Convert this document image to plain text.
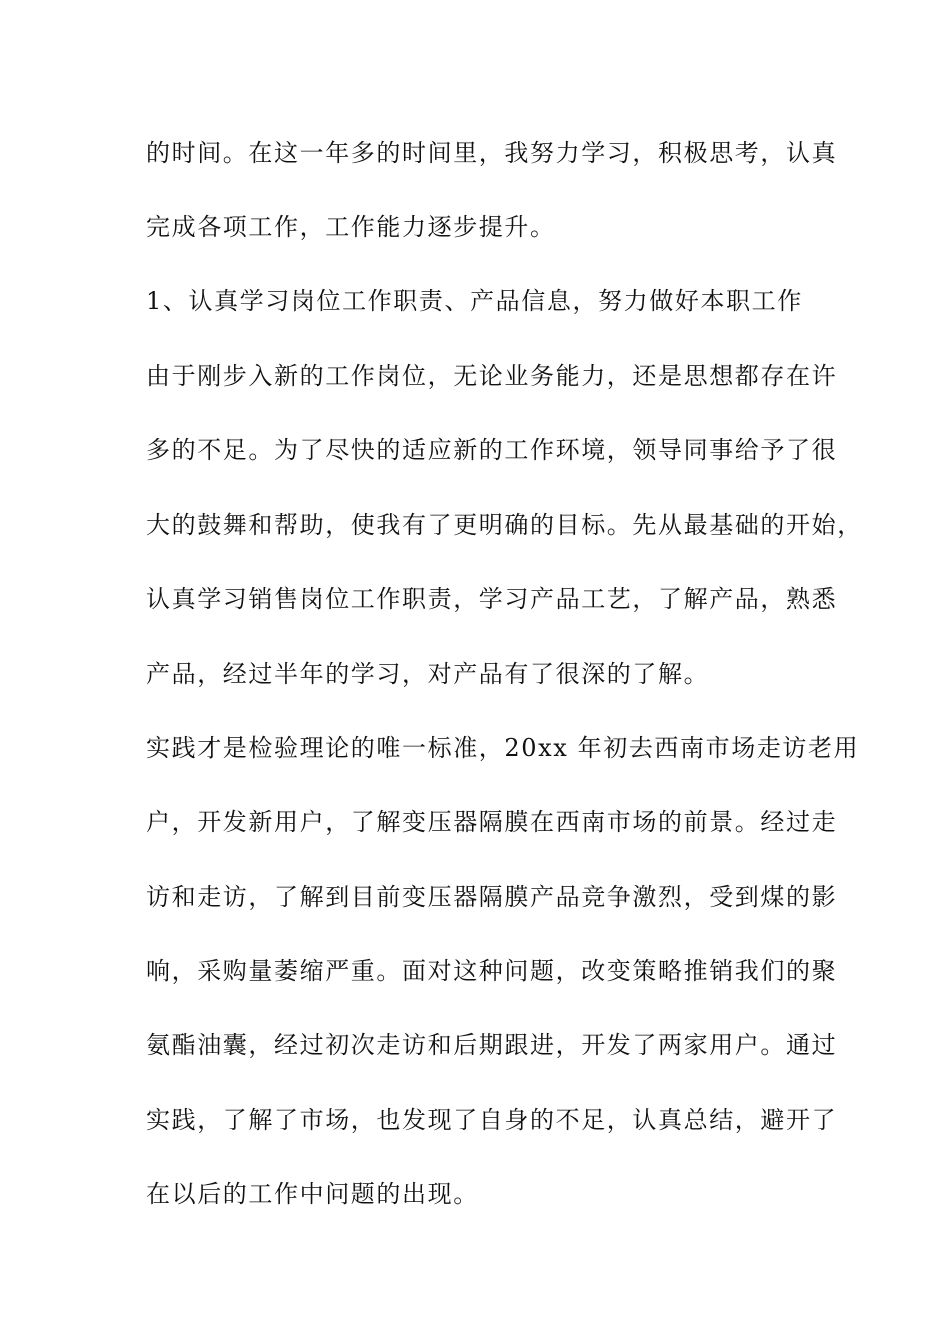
的时间。在这一年多的时间里，我努力学习，积极思考，认真
完成各项工作，工作能力逐步提升。
1、认真学习岗位工作职责、产品信息，努力做好本职工作
由于刚步入新的工作岗位，无论业务能力，还是思想都存在许
多的不足。为了尽快的适应新的工作环境，领导同事给予了很
大的鼓舞和帮助，使我有了更明确的目标。先从最基础的开始，
认真学习销售岗位工作职责，学习产品工艺，了解产品，熟悉
产品，经过半年的学习，对产品有了很深的了解。
实践才是检验理论的唯一标准，20xx 年初去西南市场走访老用
户，开发新用户，了解变压器隔膜在西南市场的前景。经过走
访和走访，了解到目前变压器隔膜产品竞争激烈，受到煤的影
响，采购量萎缩严重。面对这种问题，改变策略推销我们的聚
氨酯油囊，经过初次走访和后期跟进，开发了两家用户。通过
实践，了解了市场，也发现了自身的不足，认真总结，避开了
在以后的工作中问题的出现。
